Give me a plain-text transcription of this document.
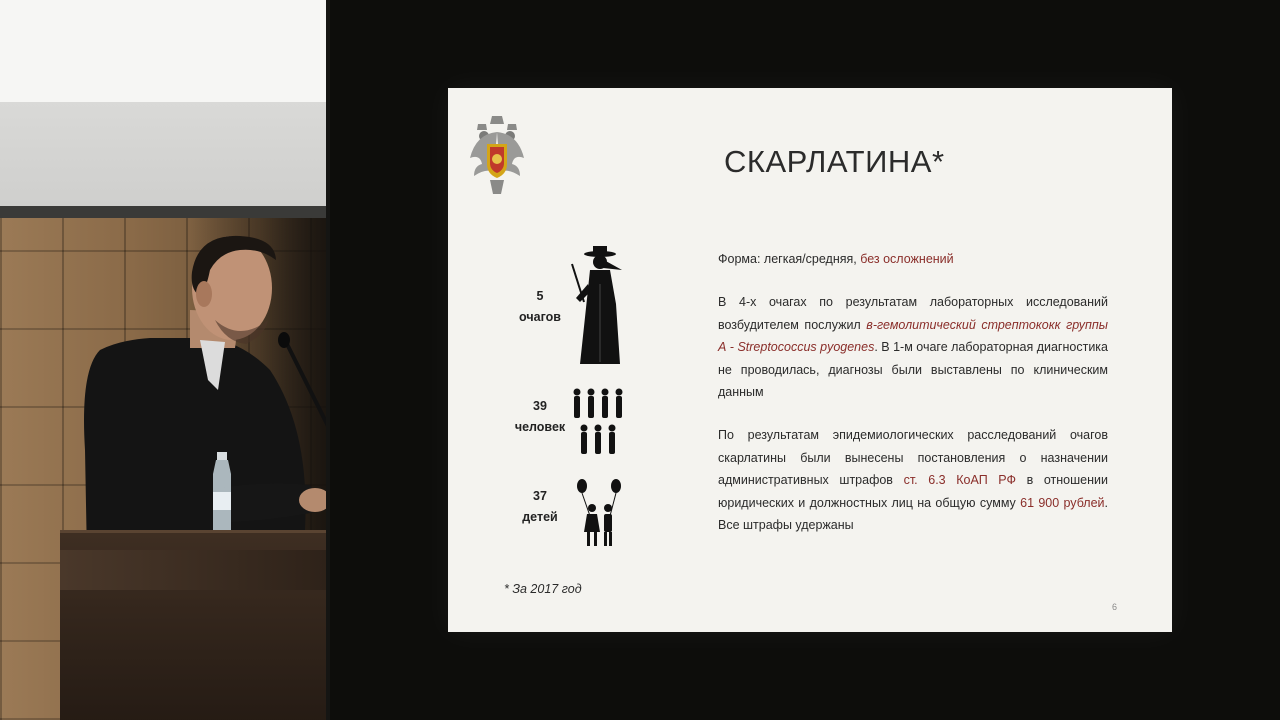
СКАРЛАТИНА*
5
очагов
39
человек
37
детей
Форма: легкая/средняя, без осложнений
В 4-х очагах по результатам лабораторных исследований возбудителем послужил в-гемолитический стрептококк группы А - Streptococcus pyogenes. В 1-м очаге лабораторная диагностика не проводилась, диагнозы были выставлены по клиническим данным
По результатам эпидемиологических расследований очагов скарлатины были вынесены постановления о назначении административных штрафов ст. 6.3 КоАП РФ в отношении юридических и должностных лиц на общую сумму 61 900 рублей. Все штрафы удержаны
* За 2017 год
6
